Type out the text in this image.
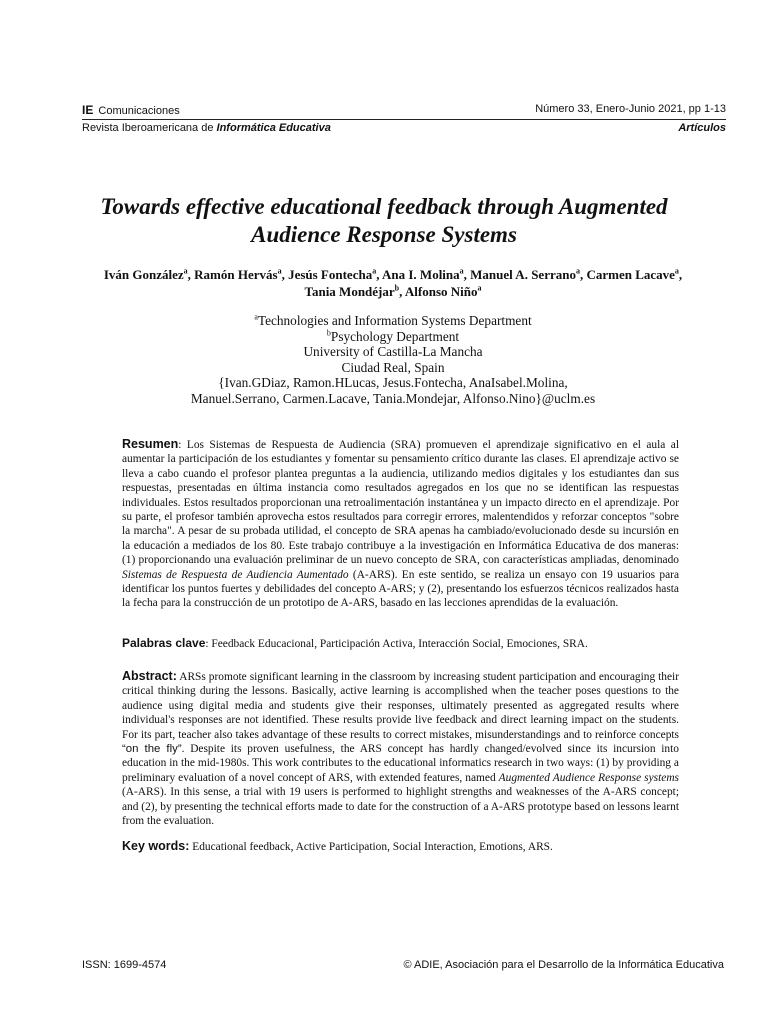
IE Comunicaciones	Número 33, Enero-Junio 2021, pp 1-13
Revista Iberoamericana de Informática Educativa	Artículos
Towards effective educational feedback through Augmented Audience Response Systems
Iván González$^a$, Ramón Hervás$^a$, Jesús Fontecha$^a$, Ana I. Molina$^a$, Manuel A. Serrano$^a$, Carmen Lacave$^a$, Tania Mondéjar$^b$, Alfonso Niño$^a$
$^a$Technologies and Information Systems Department
$^b$Psychology Department
University of Castilla-La Mancha
Ciudad Real, Spain
{Ivan.GDiaz, Ramon.HLucas, Jesus.Fontecha, AnaIsabel.Molina,
Manuel.Serrano, Carmen.Lacave, Tania.Mondejar, Alfonso.Nino}@uclm.es
Resumen: Los Sistemas de Respuesta de Audiencia (SRA) promueven el aprendizaje significativo en el aula al aumentar la participación de los estudiantes y fomentar su pensamiento crítico durante las clases. El aprendizaje activo se lleva a cabo cuando el profesor plantea preguntas a la audiencia, utilizando medios digitales y los estudiantes dan sus respuestas, presentadas en última instancia como resultados agregados en los que no se identifican las respuestas individuales. Estos resultados proporcionan una retroalimentación instantánea y un impacto directo en el aprendizaje. Por su parte, el profesor también aprovecha estos resultados para corregir errores, malentendidos y reforzar conceptos "sobre la marcha". A pesar de su probada utilidad, el concepto de SRA apenas ha cambiado/evolucionado desde su incursión en la educación a mediados de los 80. Este trabajo contribuye a la investigación en Informática Educativa de dos maneras: (1) proporcionando una evaluación preliminar de un nuevo concepto de SRA, con características ampliadas, denominado Sistemas de Respuesta de Audiencia Aumentado (A-ARS). En este sentido, se realiza un ensayo con 19 usuarios para identificar los puntos fuertes y debilidades del concepto A-ARS; y (2), presentando los esfuerzos técnicos realizados hasta la fecha para la construcción de un prototipo de A-ARS, basado en las lecciones aprendidas de la evaluación.
Palabras clave: Feedback Educacional, Participación Activa, Interacción Social, Emociones, SRA.
Abstract: ARSs promote significant learning in the classroom by increasing student participation and encouraging their critical thinking during the lessons. Basically, active learning is accomplished when the teacher poses questions to the audience using digital media and students give their responses, ultimately presented as aggregated results where individual's responses are not identified. These results provide live feedback and direct learning impact on the students. For its part, teacher also takes advantage of these results to correct mistakes, misunderstandings and to reinforce concepts “on the fly”. Despite its proven usefulness, the ARS concept has hardly changed/evolved since its incursion into education in the mid-1980s. This work contributes to the educational informatics research in two ways: (1) by providing a preliminary evaluation of a novel concept of ARS, with extended features, named Augmented Audience Response systems (A-ARS). In this sense, a trial with 19 users is performed to highlight strengths and weaknesses of the A-ARS concept; and (2), by presenting the technical efforts made to date for the construction of a A-ARS prototype based on lessons learnt from the evaluation.
Key words: Educational feedback, Active Participation, Social Interaction, Emotions, ARS.
ISSN: 1699-4574	© ADIE, Asociación para el Desarrollo de la Informática Educativa
